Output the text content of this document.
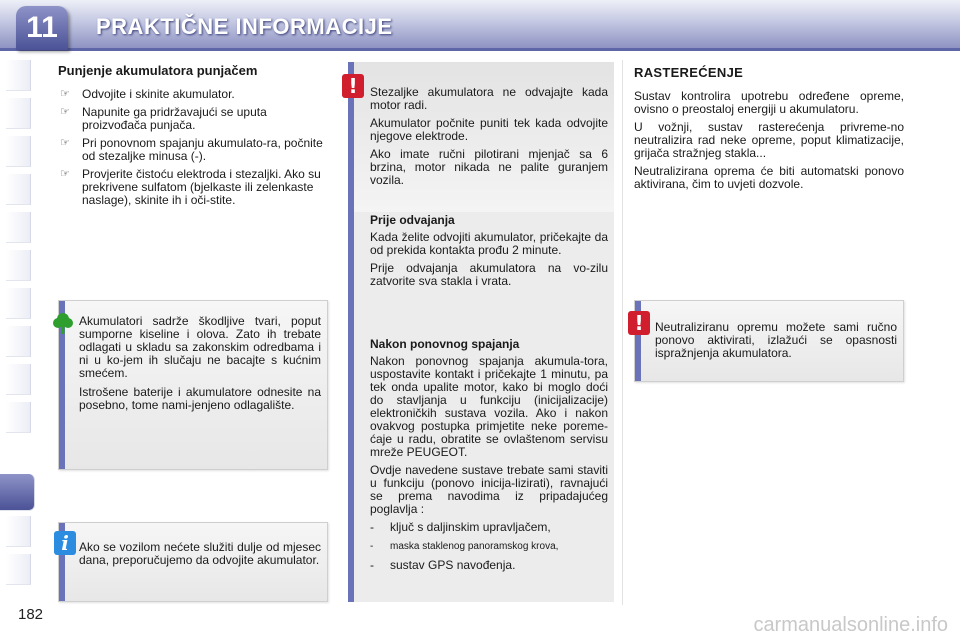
11	PRAKTIČNE INFORMACIJE
Punjenje akumulatora punjačem
☞ Odvojite i skinite akumulator.
☞ Napunite ga pridržavajući se uputa proizvođača punjača.
☞ Pri ponovnom spajanju akumulato-ra, počnite od stezaljke minusa (-).
☞ Provjerite čistoću elektroda i stezaljki. Ako su prekrivene sulfatom (bjelkaste ili zelenkaste naslage), skinite ih i oči-stite.

Akumulatori sadrže škodljive tvari, poput sumporne kiseline i olova. Zato ih trebate odlagati u skladu sa zakonskim odredbama i ni u ko-jem ih slučaju ne bacajte s kućnim smećem.

Istrošene baterije i akumulatore odnesite na posebno, tome nami-jenjeno odlagalište.

Ako se vozilom nećete služiti dulje od mjesec dana, preporučujemo da odvojite akumulator.
i

Stezaljke akumulatora ne odvajajte kada motor radi.

Akumulator počnite puniti tek kada odvojite njegove elektrode.

Ako imate ručni pilotirani mjenjač sa 6 brzina, motor nikada ne palite guranjem vozila.

Prije odvajanja

Kada želite odvojiti akumulator, pričekajte da od prekida kontakta prođu 2 minute.

Prije odvajanja akumulatora na vo-zilu zatvorite sva stakla i vrata.

Nakon ponovnog spajanja

Nakon ponovnog spajanja akumula-tora, uspostavite kontakt i pričekajte 1 minutu, pa tek onda upalite motor, kako bi moglo doći do stavljanja u funkciju (inicijalizacije) elektroničkih sustava vozila. Ako i nakon ovakvog postupka primjetite neke poreme-ćaje u radu, obratite se ovlaštenom servisu mreže PEUGEOT.

Ovdje navedene sustave trebate sami staviti u funkciju (ponovo inicija-lizirati), ravnajući se prema navodima iz pripadajućeg poglavlja :

- ključ s daljinskim upravljačem,
- maska staklenog panoramskog krova,
- sustav GPS navođenja.
!
RASTEREĆENJE

Sustav kontrolira upotrebu određene opreme, ovisno o preostaloj energiji u akumulatoru.

U vožnji, sustav rasterećenja privreme-no neutralizira rad neke opreme, poput klimatizacije, grijača stražnjeg stakla...

Neutralizirana oprema će biti automatski ponovo aktivirana, čim to uvjeti dozvole.

Neutraliziranu opremu možete sami ručno ponovo aktivirati, izlažući se opasnosti ispražnjenja akumulatora.
!
182	carmanualsonline.info
